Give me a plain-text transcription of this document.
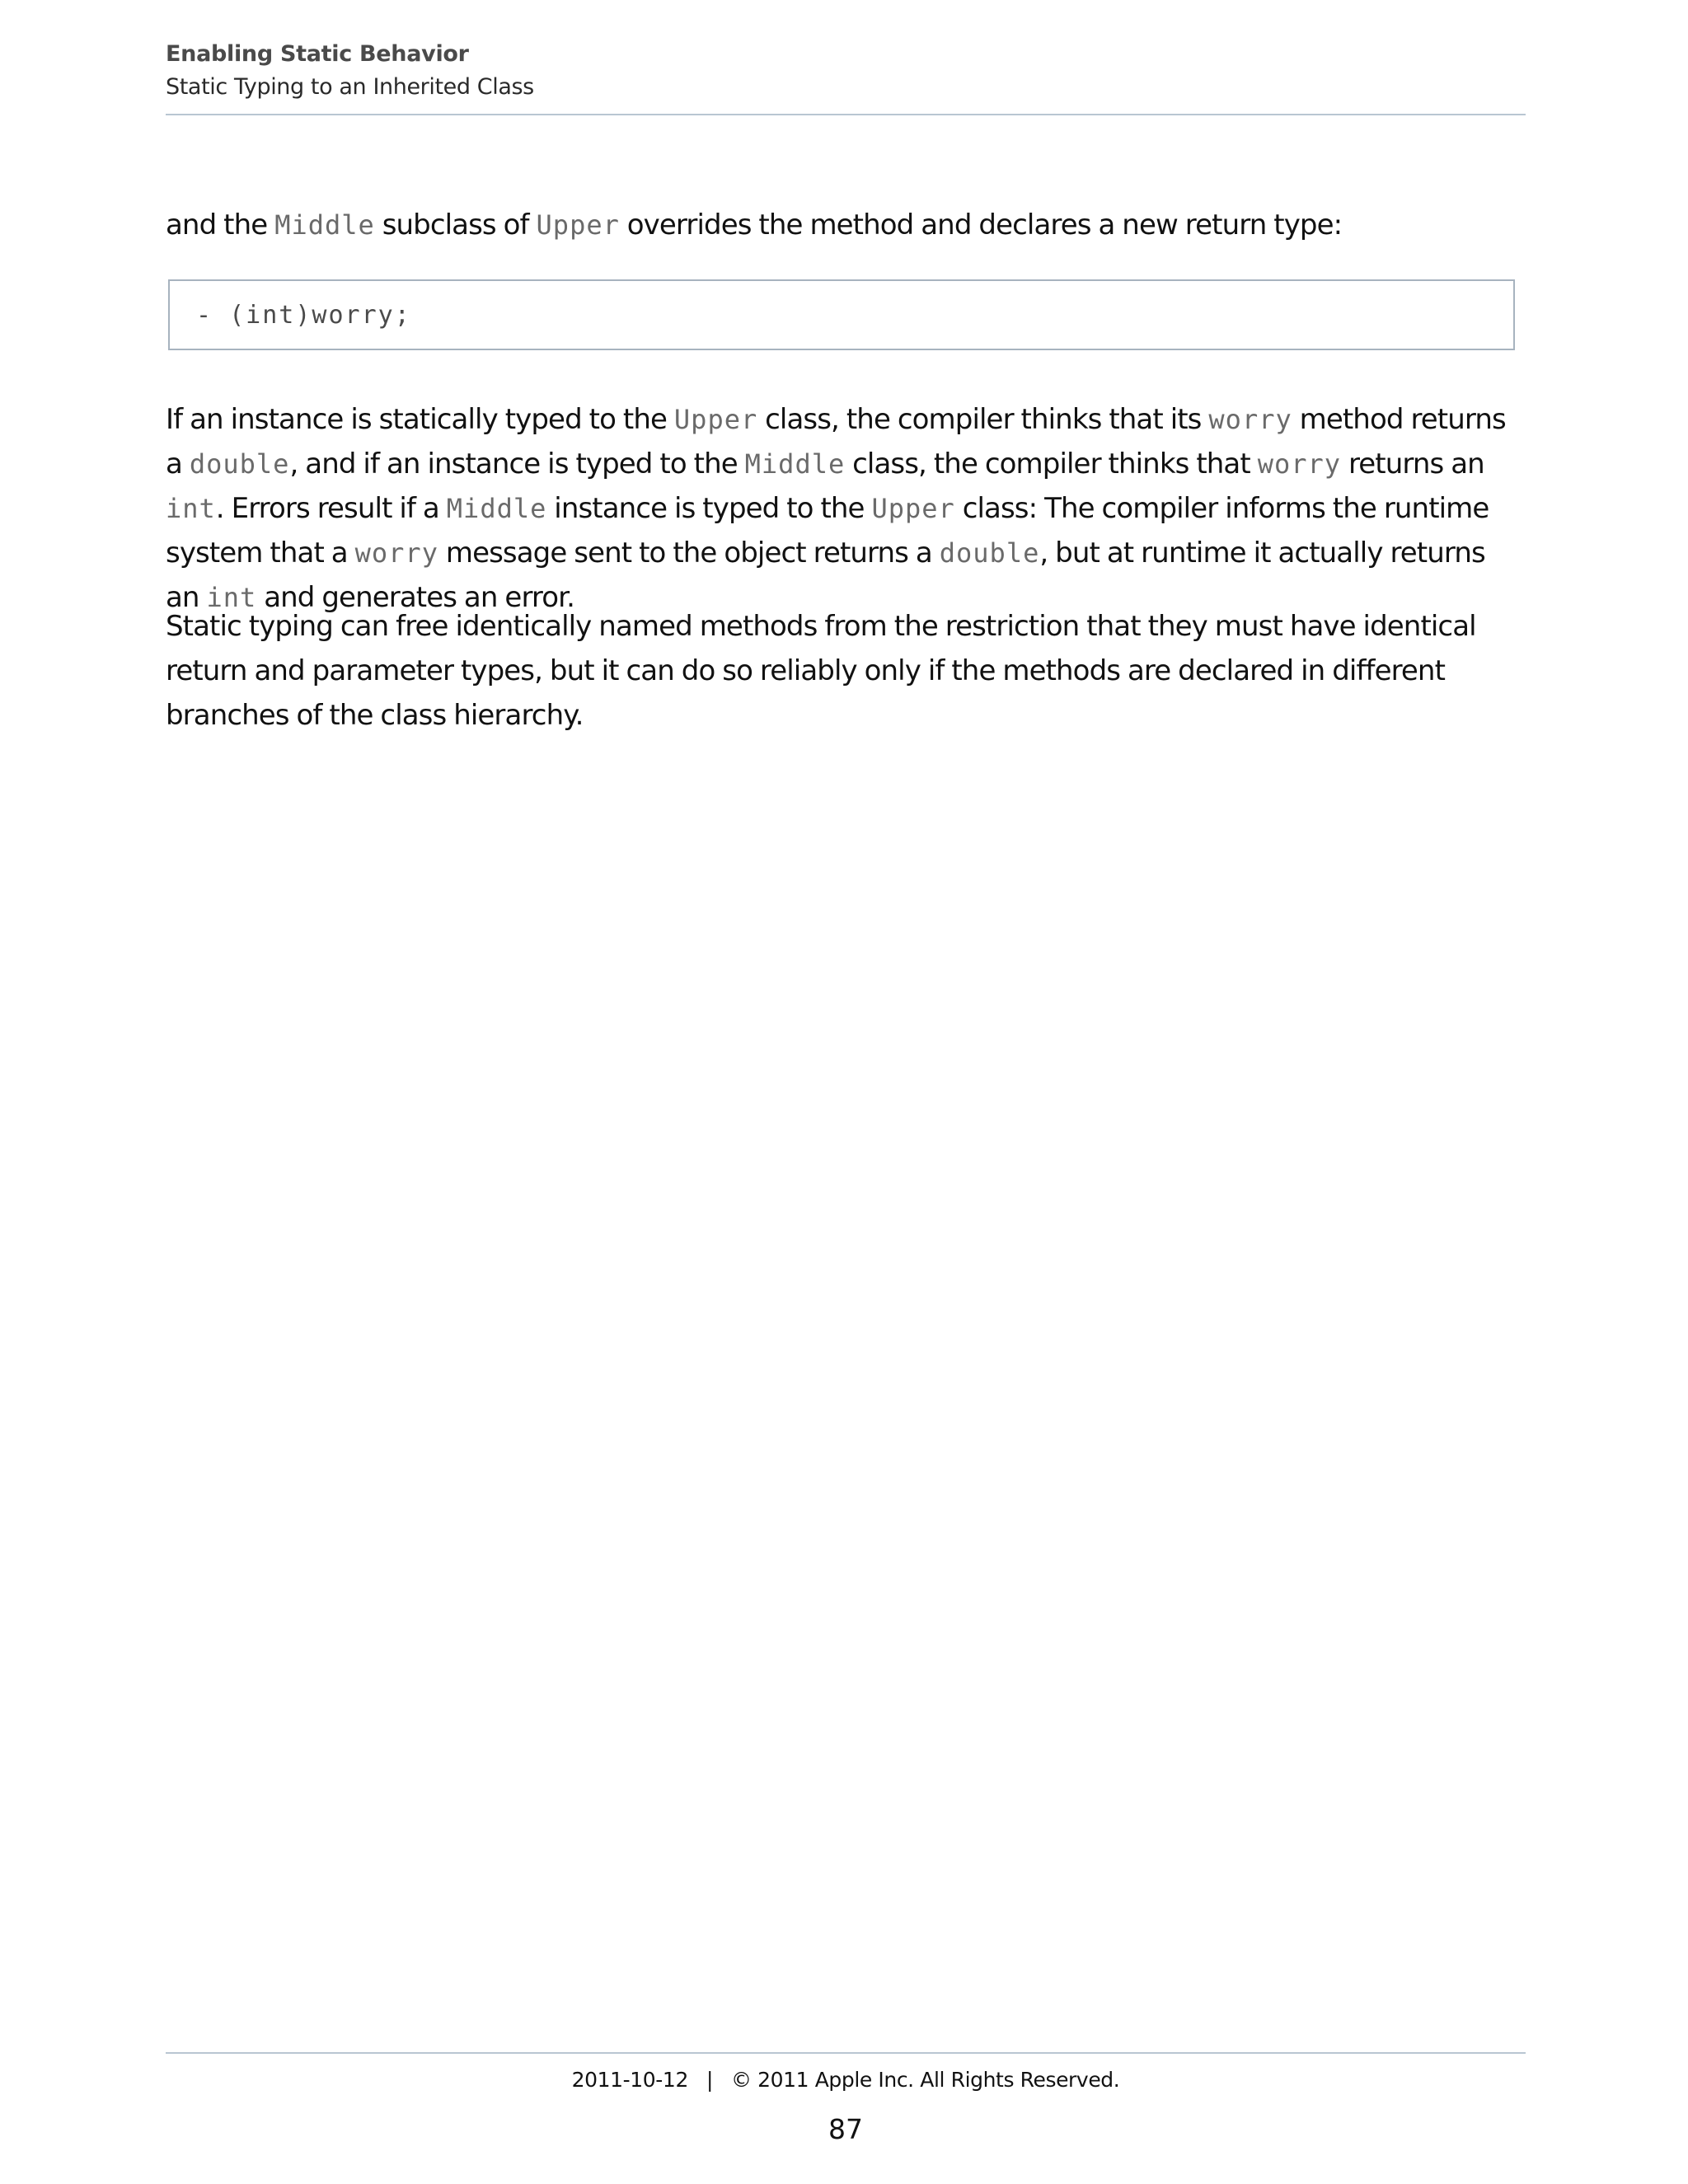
Enabling Static Behavior
Static Typing to an Inherited Class

and the Middle subclass of Upper overrides the method and declares a new return type:

- (int)worry;

If an instance is statically typed to the Upper class, the compiler thinks that its worry method returns a double, and if an instance is typed to the Middle class, the compiler thinks that worry returns an int. Errors result if a Middle instance is typed to the Upper class: The compiler informs the runtime system that a worry message sent to the object returns a double, but at runtime it actually returns an int and generates an error.

Static typing can free identically named methods from the restriction that they must have identical return and parameter types, but it can do so reliably only if the methods are declared in different branches of the class hierarchy.

2011-10-12 | © 2011 Apple Inc. All Rights Reserved.
87
